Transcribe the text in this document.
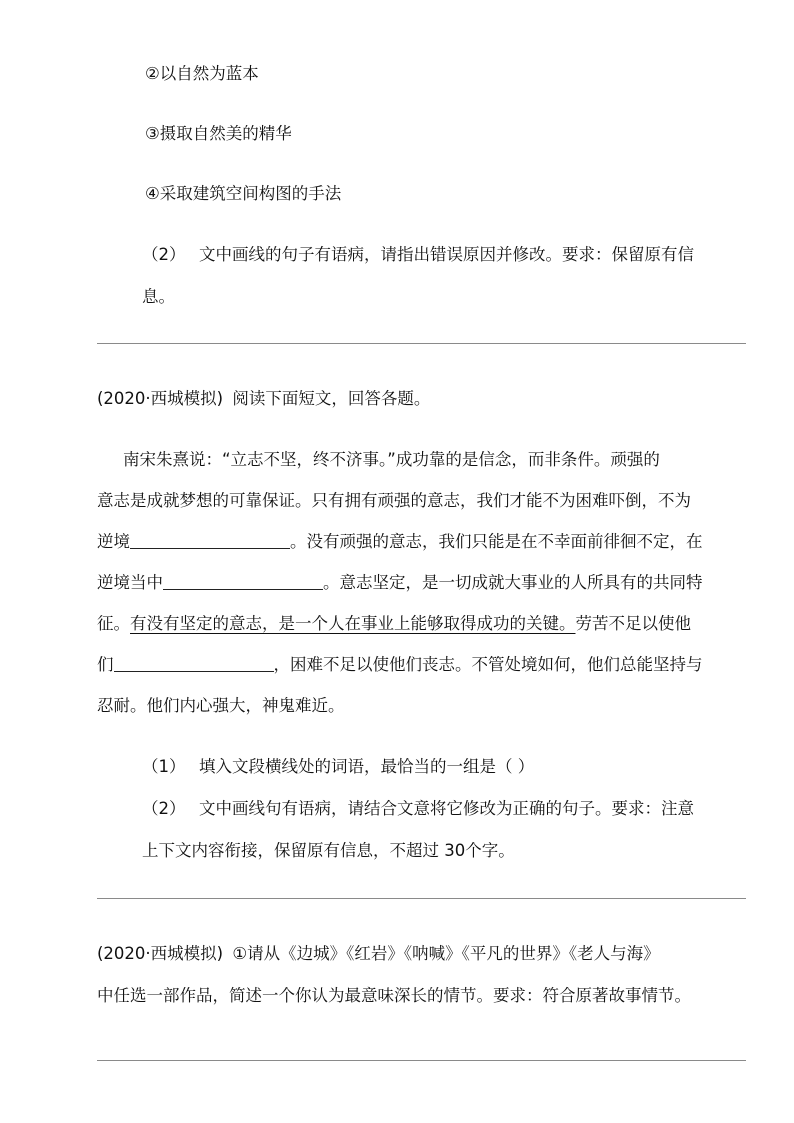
②以自然为蓝本
③摄取自然美的精华
④采取建筑空间构图的手法
（2） 文中画线的句子有语病，请指出错误原因并修改。要求：保留原有信
息。
(2020·西城模拟) 阅读下面短文，回答各题。
南宋朱熹说：“立志不坚，终不济事。”成功靠的是信念，而非条件。顽强的
意志是成就梦想的可靠保证。只有拥有顽强的意志，我们才能不为困难吓倒，不为
逆境	。没有顽强的意志，我们只能是在不幸面前徘徊不定，在
逆境当中	。意志坚定，是一切成就大事业的人所具有的共同特
征。有没有坚定的意志，是一个人在事业上能够取得成功的关键。劳苦不足以使他
们	，困难不足以使他们丧志。不管处境如何，他们总能坚持与
忍耐。他们内心强大，神鬼难近。
（1） 填入文段横线处的词语，最恰当的一组是（ ）
（2） 文中画线句有语病，请结合文意将它修改为正确的句子。要求：注意
上下文内容衔接，保留原有信息，不超过 30个字。
(2020·西城模拟) ①请从《边城》《红岩》《呐喊》《平凡的世界》《老人与海》
中任选一部作品，简述一个你认为最意味深长的情节。要求：符合原著故事情节。
